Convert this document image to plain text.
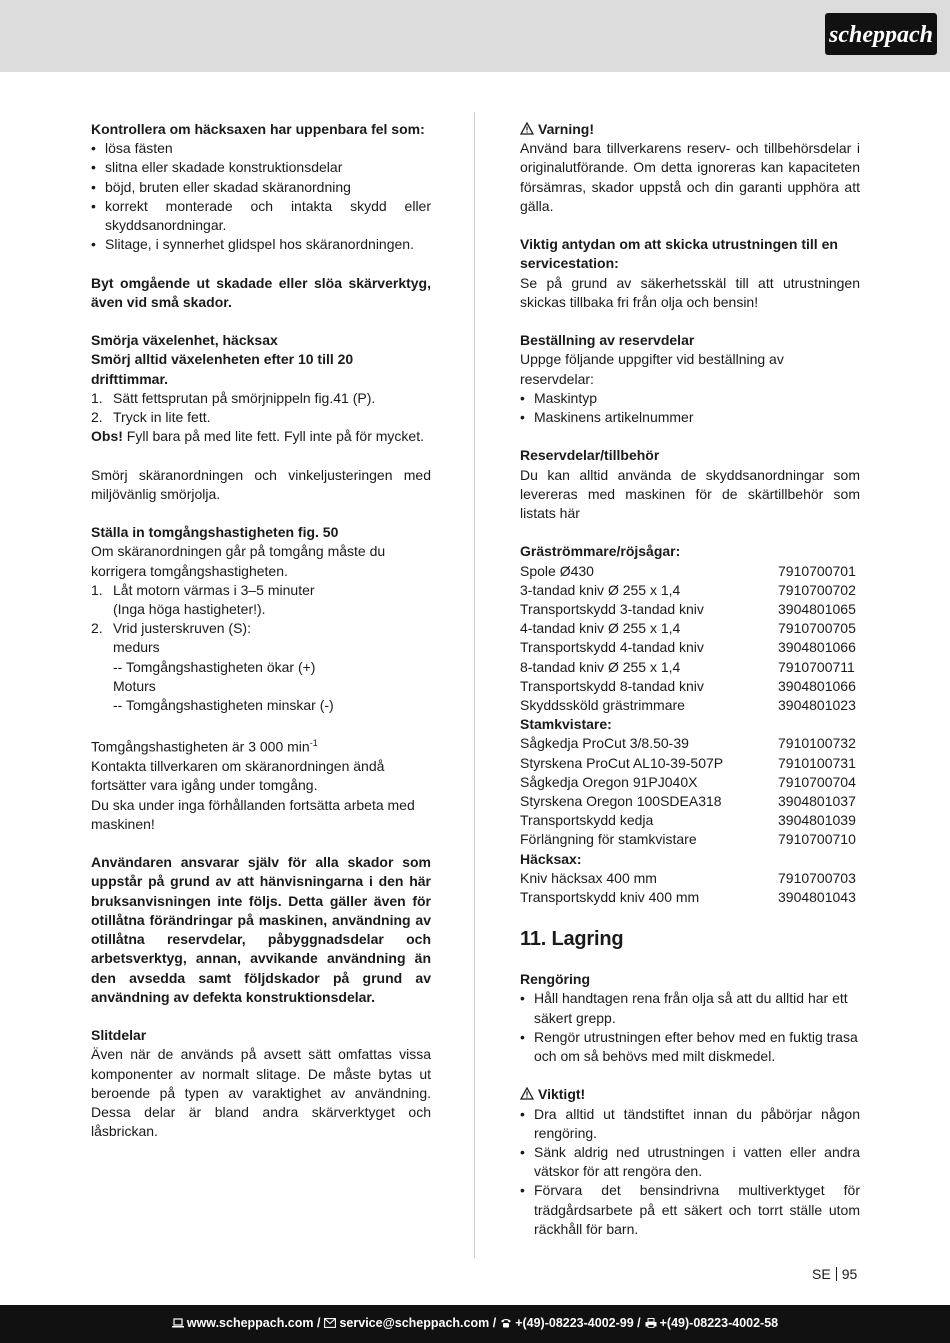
scheppach

Kontrollera om häcksaxen har uppenbara fel som:

• lösa fästen
• slitna eller skadade konstruktionsdelar
• böjd, bruten eller skadad skäranordning
• korrekt monterade och intakta skydd eller skyddsanordningar.
• Slitage, i synnerhet glidspel hos skäranordningen.

Byt omgående ut skadade eller slöa skärverktyg, även vid små skador.

Smörja växelenhet, häcksax

Smörj alltid växelenheten efter 10 till 20 drifttimmar.

1. Sätt fettsprutan på smörjnippeln fig.41 (P).
2. Tryck in lite fett.

Obs! Fyll bara på med lite fett. Fyll inte på för mycket.

Smörj skäranordningen och vinkeljusteringen med miljövänlig smörjolja.

Ställa in tomgångshastigheten fig. 50

Om skäranordningen går på tomgång måste du korrigera tomgångshastigheten.

1. Låt motorn värmas i 3–5 minuter
(Inga höga hastigheter!).
2. Vrid justerskruven (S):

medurs

-- Tomgångshastigheten ökar (+)

Moturs

-- Tomgångshastigheten minskar (-)

Tomgångshastigheten är 3 000 $\min^{-1}$

Kontakta tillverkaren om skäranordningen ändå fortsätter vara igång under tomgång.

Du ska under inga förhållanden fortsätta arbeta med maskinen!

Användaren ansvarar själv för alla skador som uppstår på grund av att hänvisningarna i den här bruksanvisningen inte följs. Detta gäller även för otillåtna förändringar på maskinen, användning av otillåtna reservdelar, påbyggnadsdelar och arbetsverktyg, annan, avvikande användning än den avsedda samt följdskador på grund av användning av defekta konstruktionsdelar.

Slitdelar

Även när de används på avsett sätt omfattas vissa komponenter av normalt slitage. De måste bytas ut beroende på typen av varaktighet av användning. Dessa delar är bland andra skärverktyget och låsbrickan.

Varning!

Använd bara tillverkarens reserv- och tillbehörsdelar i originalutförande. Om detta ignoreras kan kapaciteten försämras, skador uppstå och din garanti upphöra att gälla.

Viktig antydan om att skicka utrustningen till en servicestation:

Se på grund av säkerhetsskäl till att utrustningen skickas tillbaka fri från olja och bensin!

Beställning av reservdelar

Uppge följande uppgifter vid beställning av reservdelar:

• Maskintyp
• Maskinens artikelnummer

Reservdelar/tillbehör

Du kan alltid använda de skyddsanordningar som levereras med maskinen för de skärtillbehör som listats här

Gräströmmare/röjsågar:

Spole Ø430	7910700701
3-tandad kniv Ø 255 x 1,4	7910700702
Transportskydd 3-tandad kniv	3904801065
4-tandad kniv Ø 255 x 1,4	7910700705
Transportskydd 4-tandad kniv	3904801066
8-tandad kniv Ø 255 x 1,4	7910700711
Transportskydd 8-tandad kniv	3904801066
Skyddssköld grästrimmare	3904801023

Stamkvistare:

Sågkedja ProCut 3/8.50-39	7910100732
Styrskena ProCut AL10-39-507P	7910100731
Sågkedja Oregon 91PJ040X	7910700704
Styrskena Oregon 100SDEA318	3904801037
Transportskydd kedja	3904801039
Förlängning för stamkvistare	7910700710

Häcksax:

Kniv häcksax 400 mm	7910700703
Transportskydd kniv 400 mm	3904801043
11. Lagring

Rengöring

• Håll handtagen rena från olja så att du alltid har ett säkert grepp.
• Rengör utrustningen efter behov med en fuktig trasa och om så behövs med milt diskmedel.

Viktigt!

• Dra alltid ut tändstiftet innan du påbörjar någon rengöring.
• Sänk aldrig ned utrustningen i vatten eller andra vätskor för att rengöra den.
• Förvara det bensindrivna multiverktyget för trädgårdsarbete på ett säkert och torrt ställe utom räckhåll för barn.
SE 95
www.scheppach.com /	service@scheppach.com /	+(49)-08223-4002-99 /	+(49)-08223-4002-58
